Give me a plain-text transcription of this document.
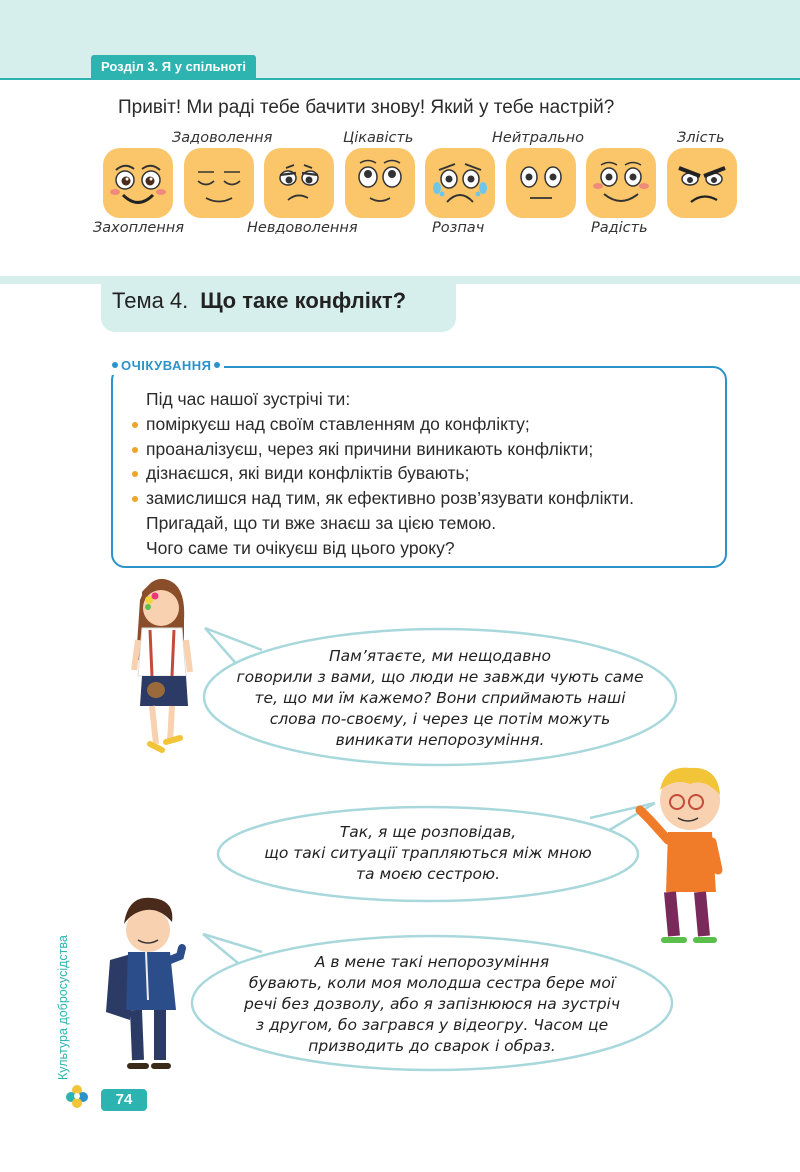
Розділ 3. Я у спільноті
Привіт! Ми раді тебе бачити знову! Який у тебе настрій?
Захоплення
Задоволення
Невдоволення
Цікавість
Розпач
Нейтрально
Радість
Злість
Тема 4. Що таке конфлікт?
ОЧІКУВАННЯ
Під час нашої зустрічі ти:
поміркуєш над своїм ставленням до конфлікту;
проаналізуєш, через які причини виникають конфлікти;
дізнаєшся, які види конфліктів бувають;
замислишся над тим, як ефективно розв’язувати конфлікти.
Пригадай, що ти вже знаєш за цією темою.
Чого саме ти очікуєш від цього уроку?
Пам’ятаєте, ми нещодавно
говорили з вами, що люди не завжди чують саме
те, що ми їм кажемо? Вони сприймають наші
слова по-своєму, і через це потім можуть
виникати непорозуміння.
Так, я ще розповідав,
що такі ситуації трапляються між мною
та моєю сестрою.
А в мене такі непорозуміння
бувають, коли моя молодша сестра бере мої
речі без дозволу, або я запізнююся на зустріч
з другом, бо загрався у відеогру. Часом це
призводить до сварок і образ.
Культура добросусідства
74
